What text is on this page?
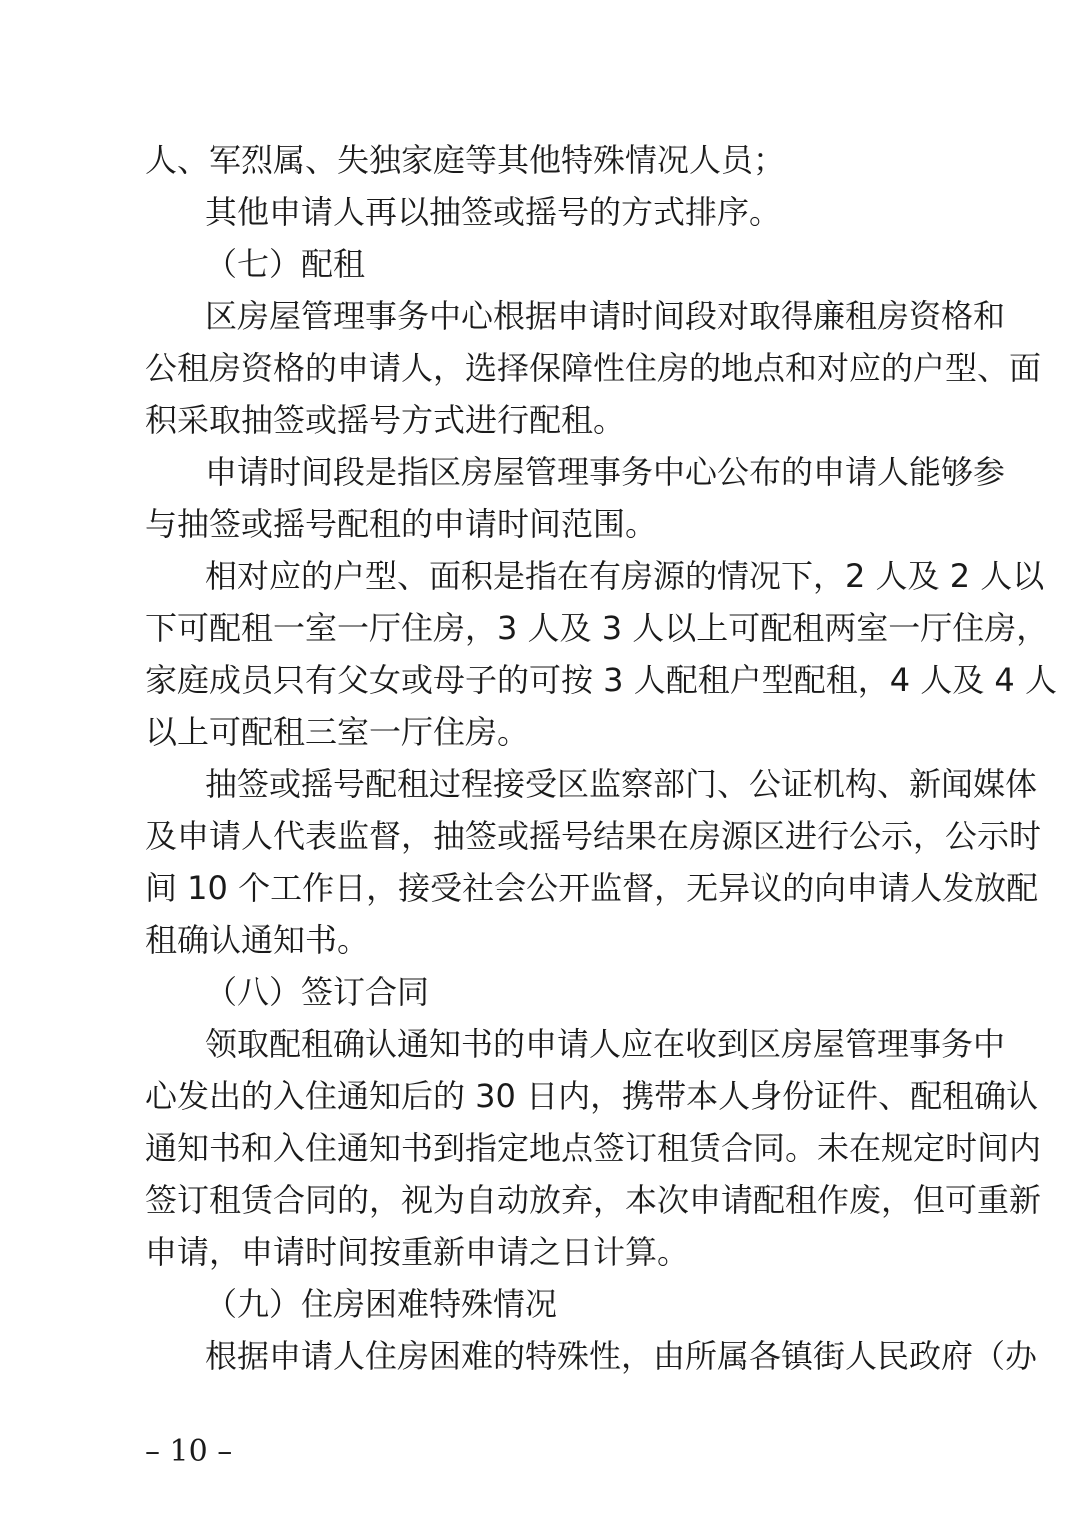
人、军烈属、失独家庭等其他特殊情况人员；
其他申请人再以抽签或摇号的方式排序。
（七）配租
区房屋管理事务中心根据申请时间段对取得廉租房资格和
公租房资格的申请人，选择保障性住房的地点和对应的户型、面
积采取抽签或摇号方式进行配租。
申请时间段是指区房屋管理事务中心公布的申请人能够参
与抽签或摇号配租的申请时间范围。
相对应的户型、面积是指在有房源的情况下，2 人及 2 人以
下可配租一室一厅住房，3 人及 3 人以上可配租两室一厅住房，
家庭成员只有父女或母子的可按 3 人配租户型配租，4 人及 4 人
以上可配租三室一厅住房。
抽签或摇号配租过程接受区监察部门、公证机构、新闻媒体
及申请人代表监督，抽签或摇号结果在房源区进行公示，公示时
间 10 个工作日，接受社会公开监督，无异议的向申请人发放配
租确认通知书。
（八）签订合同
领取配租确认通知书的申请人应在收到区房屋管理事务中
心发出的入住通知后的 30 日内，携带本人身份证件、配租确认
通知书和入住通知书到指定地点签订租赁合同。未在规定时间内
签订租赁合同的，视为自动放弃，本次申请配租作废，但可重新
申请，申请时间按重新申请之日计算。
（九）住房困难特殊情况
根据申请人住房困难的特殊性，由所属各镇街人民政府（办
– 10 –
